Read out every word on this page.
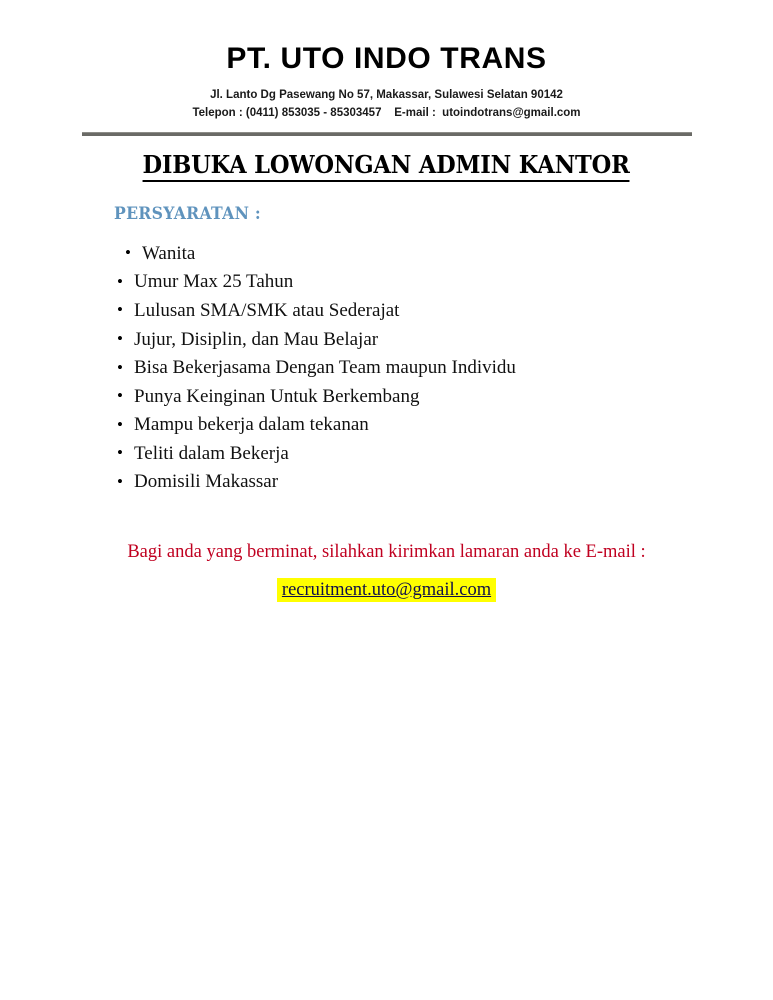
PT. UTO INDO TRANS
Jl. Lanto Dg Pasewang No 57, Makassar, Sulawesi Selatan 90142
Telepon : (0411) 853035 - 85303457    E-mail :  utoindotrans@gmail.com
DIBUKA LOWONGAN ADMIN KANTOR
PERSYARATAN :
• Wanita
• Umur Max 25 Tahun
• Lulusan SMA/SMK atau Sederajat
• Jujur, Disiplin, dan Mau Belajar
• Bisa Bekerjasama Dengan Team maupun Individu
• Punya Keinginan Untuk Berkembang
• Mampu bekerja dalam tekanan
• Teliti dalam Bekerja
• Domisili Makassar

Bagi anda yang berminat, silahkan kirimkan lamaran anda ke E-mail :

recruitment.uto@gmail.com
